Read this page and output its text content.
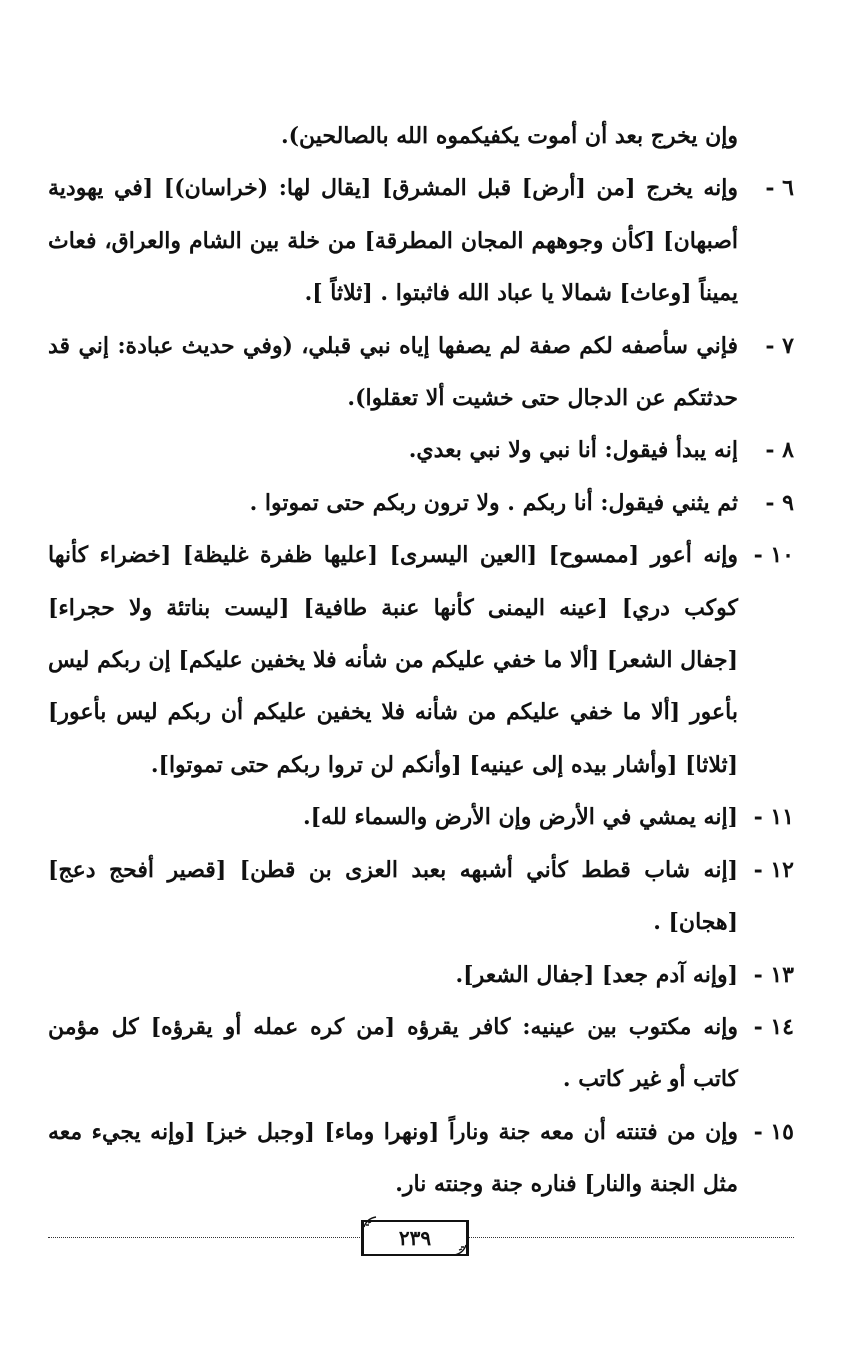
وإن يخرج بعد أن أموت يكفيكموه الله بالصالحين).

٦ -
وإنه يخرج [من [أرض] قبل المشرق] [يقال لها: (خراسان)] [في يهودية أصبهان] [كأن وجوههم المجان المطرقة] من خلة بين الشام والعراق، فعاث يميناً [وعاث] شمالا يا عباد الله فاثبتوا . [ثلاثاً ].

٧ -
فإني سأصفه لكم صفة لم يصفها إياه نبي قبلي، (وفي حديث عبادة: إني قد حدثتكم عن الدجال حتى خشيت ألا تعقلوا).

٨ -
إنه يبدأ فيقول: أنا نبي ولا نبي بعدي.

٩ -
ثم يثني فيقول: أنا ربكم . ولا ترون ربكم حتى تموتوا .

١٠ -
وإنه أعور [ممسوح] [العين اليسرى] [عليها ظفرة غليظة] [خضراء كأنها كوكب دري] [عينه اليمنى كأنها عنبة طافية] [ليست بناتئة ولا حجراء] [جفال الشعر] [ألا ما خفي عليكم من شأنه فلا يخفين عليكم] إن ربكم ليس بأعور [ألا ما خفي عليكم من شأنه فلا يخفين عليكم أن ربكم ليس بأعور] [ثلاثا] [وأشار بيده إلى عينيه] [وأنكم لن تروا ربكم حتى تموتوا].

١١ -
[إنه يمشي في الأرض وإن الأرض والسماء لله].

١٢ -
[إنه شاب قطط كأني أشبهه بعبد العزى بن قطن] [قصير أفحج دعج] [هجان] .

١٣ -
[وإنه آدم جعد] [جفال الشعر].

١٤ -
وإنه مكتوب بين عينيه: كافر يقرؤه [من كره عمله أو يقرؤه] كل مؤمن كاتب أو غير كاتب .

١٥ -
وإن من فتنته أن معه جنة وناراً [ونهرا وماء] [وجبل خبز] [وإنه يجيء معه مثل الجنة والنار] فناره جنة وجنته نار.

٢٣٩
